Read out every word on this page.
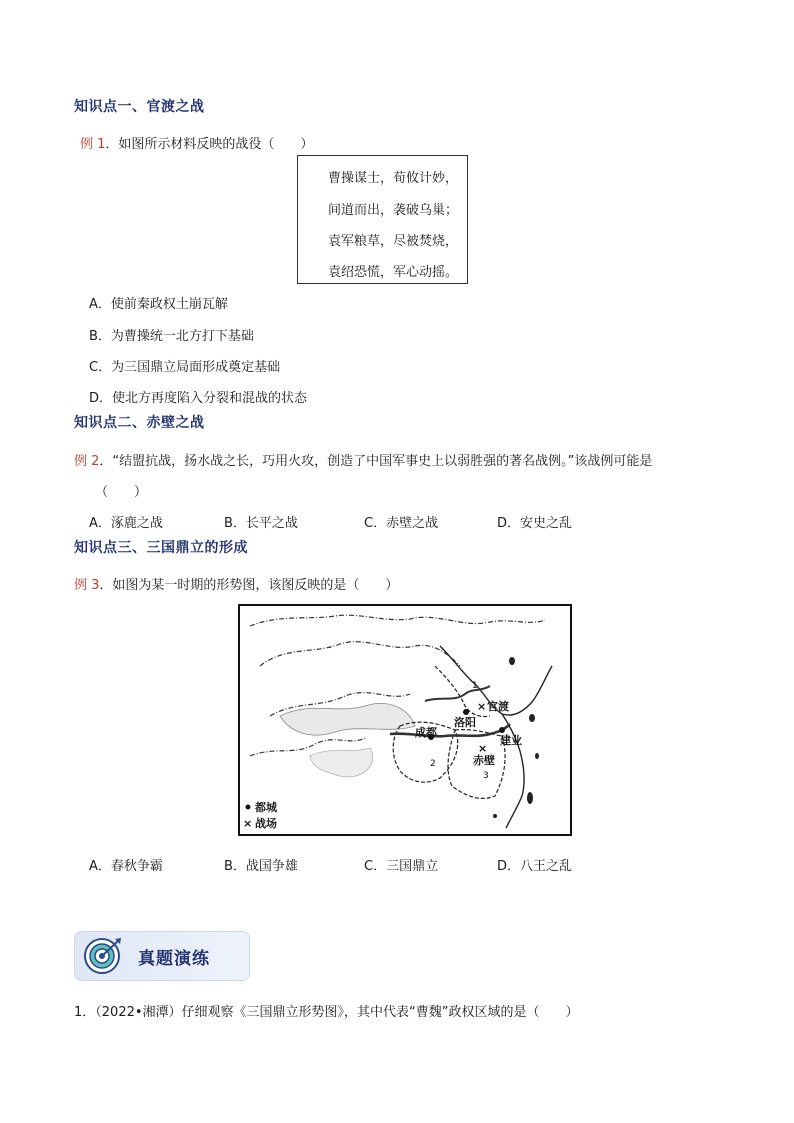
知识点一、官渡之战
例 1．如图所示材料反映的战役（　　）
曹操谋士，荀攸计妙，
间道而出，袭破乌巢；
袁军粮草，尽被焚烧，
袁绍恐慌，军心动摇。
A．使前秦政权土崩瓦解
B．为曹操统一北方打下基础
C．为三国鼎立局面形成奠定基础
D．使北方再度陷入分裂和混战的状态
知识点二、赤壁之战
例 2．“结盟抗战，扬水战之长，巧用火攻，创造了中国军事史上以弱胜强的著名战例。”该战例可能是
（　　）
A．涿鹿之战	B．长平之战	C．赤壁之战	D．安史之乱
知识点三、三国鼎立的形成
例 3．如图为某一时期的形势图，该图反映的是（　　）
×
×
洛阳
成都
建业
官渡
赤壁
1
2
3
都城
× 战场
A．春秋争霸	B．战国争雄	C．三国鼎立	D．八王之乱
真题演练
1．（2022•湘潭）仔细观察《三国鼎立形势图》，其中代表“曹魏”政权区域的是（　　）
